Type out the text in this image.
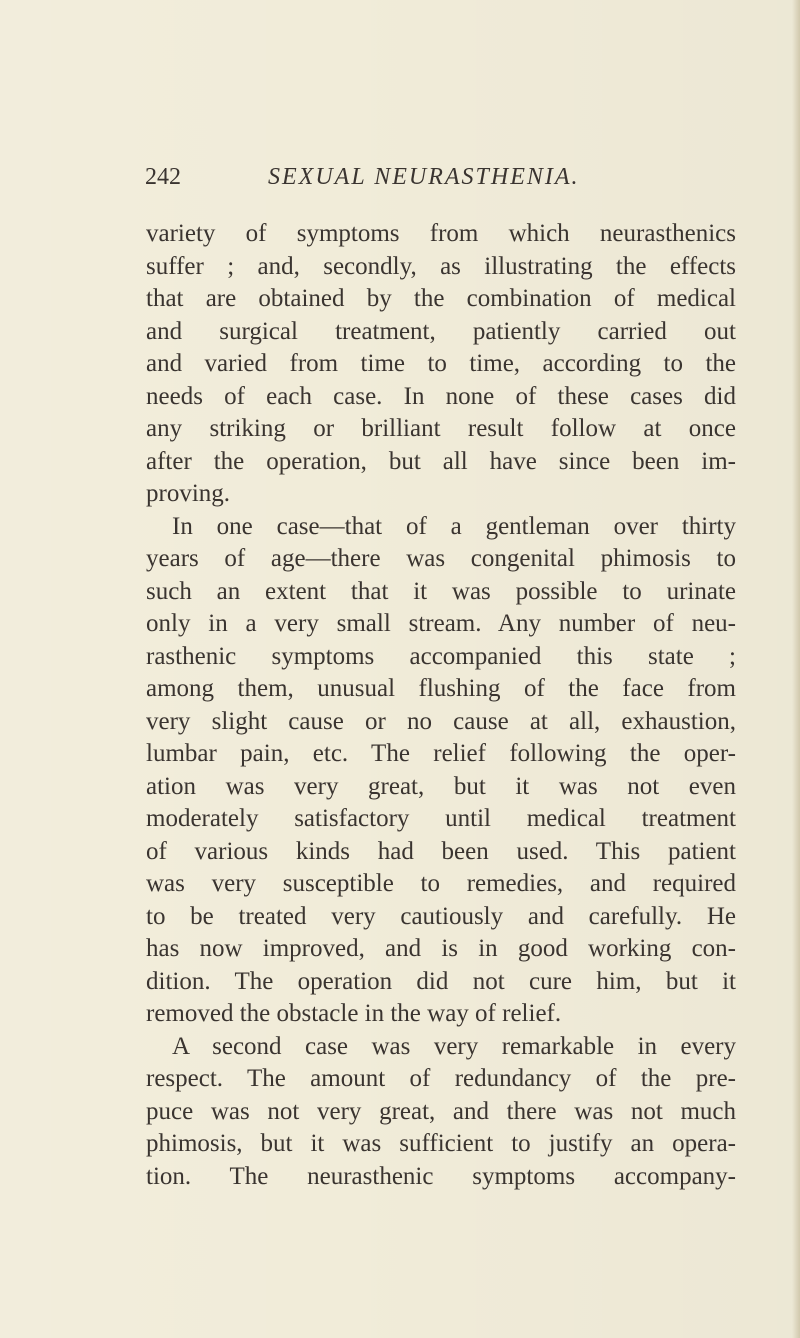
242	SEXUAL NEURASTHENIA.
variety of symptoms from which neurasthenics
suffer ; and, secondly, as illustrating the effects
that are obtained by the combination of medical
and surgical treatment, patiently carried out
and varied from time to time, according to the
needs of each case. In none of these cases did
any striking or brilliant result follow at once
after the operation, but all have since been im-
proving.
In one case—that of a gentleman over thirty
years of age—there was congenital phimosis to
such an extent that it was possible to urinate
only in a very small stream. Any number of neu-
rasthenic symptoms accompanied this state ;
among them, unusual flushing of the face from
very slight cause or no cause at all, exhaustion,
lumbar pain, etc. The relief following the oper-
ation was very great, but it was not even
moderately satisfactory until medical treatment
of various kinds had been used. This patient
was very susceptible to remedies, and required
to be treated very cautiously and carefully. He
has now improved, and is in good working con-
dition. The operation did not cure him, but it
removed the obstacle in the way of relief.
A second case was very remarkable in every
respect. The amount of redundancy of the pre-
puce was not very great, and there was not much
phimosis, but it was sufficient to justify an opera-
tion. The neurasthenic symptoms accompany-
